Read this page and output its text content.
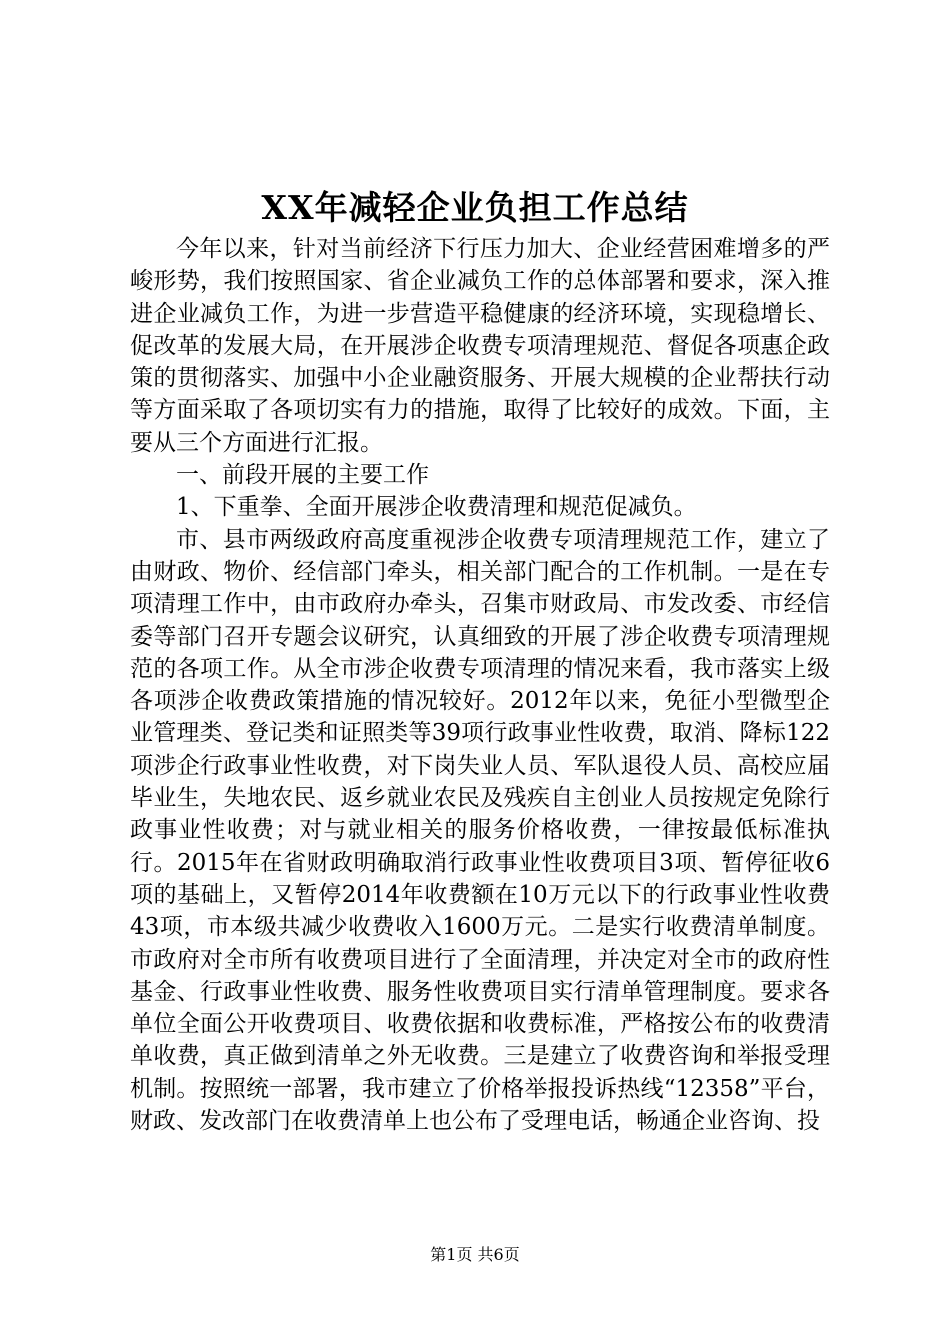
XX年减轻企业负担工作总结

今年以来，针对当前经济下行压力加大、企业经营困难增多的严峻形势，我们按照国家、省企业减负工作的总体部署和要求，深入推进企业减负工作，为进一步营造平稳健康的经济环境，实现稳增长、促改革的发展大局，在开展涉企收费专项清理规范、督促各项惠企政策的贯彻落实、加强中小企业融资服务、开展大规模的企业帮扶行动等方面采取了各项切实有力的措施，取得了比较好的成效。下面，主要从三个方面进行汇报。

一、前段开展的主要工作

1、下重拳、全面开展涉企收费清理和规范促减负。

市、县市两级政府高度重视涉企收费专项清理规范工作，建立了由财政、物价、经信部门牵头，相关部门配合的工作机制。一是在专项清理工作中，由市政府办牵头，召集市财政局、市发改委、市经信委等部门召开专题会议研究，认真细致的开展了涉企收费专项清理规范的各项工作。从全市涉企收费专项清理的情况来看，我市落实上级各项涉企收费政策措施的情况较好。2012年以来，免征小型微型企业管理类、登记类和证照类等39项行政事业性收费，取消、降标122项涉企行政事业性收费，对下岗失业人员、军队退役人员、高校应届毕业生，失地农民、返乡就业农民及残疾自主创业人员按规定免除行政事业性收费；对与就业相关的服务价格收费，一律按最低标准执行。2015年在省财政明确取消行政事业性收费项目3项、暂停征收6项的基础上，又暂停2014年收费额在10万元以下的行政事业性收费43项，市本级共减少收费收入1600万元。二是实行收费清单制度。市政府对全市所有收费项目进行了全面清理，并决定对全市的政府性基金、行政事业性收费、服务性收费项目实行清单管理制度。要求各单位全面公开收费项目、收费依据和收费标准，严格按公布的收费清单收费，真正做到清单之外无收费。三是建立了收费咨询和举报受理机制。按照统一部署，我市建立了价格举报投诉热线“12358”平台，财政、发改部门在收费清单上也公布了受理电话，畅通企业咨询、投

第1页 共6页
